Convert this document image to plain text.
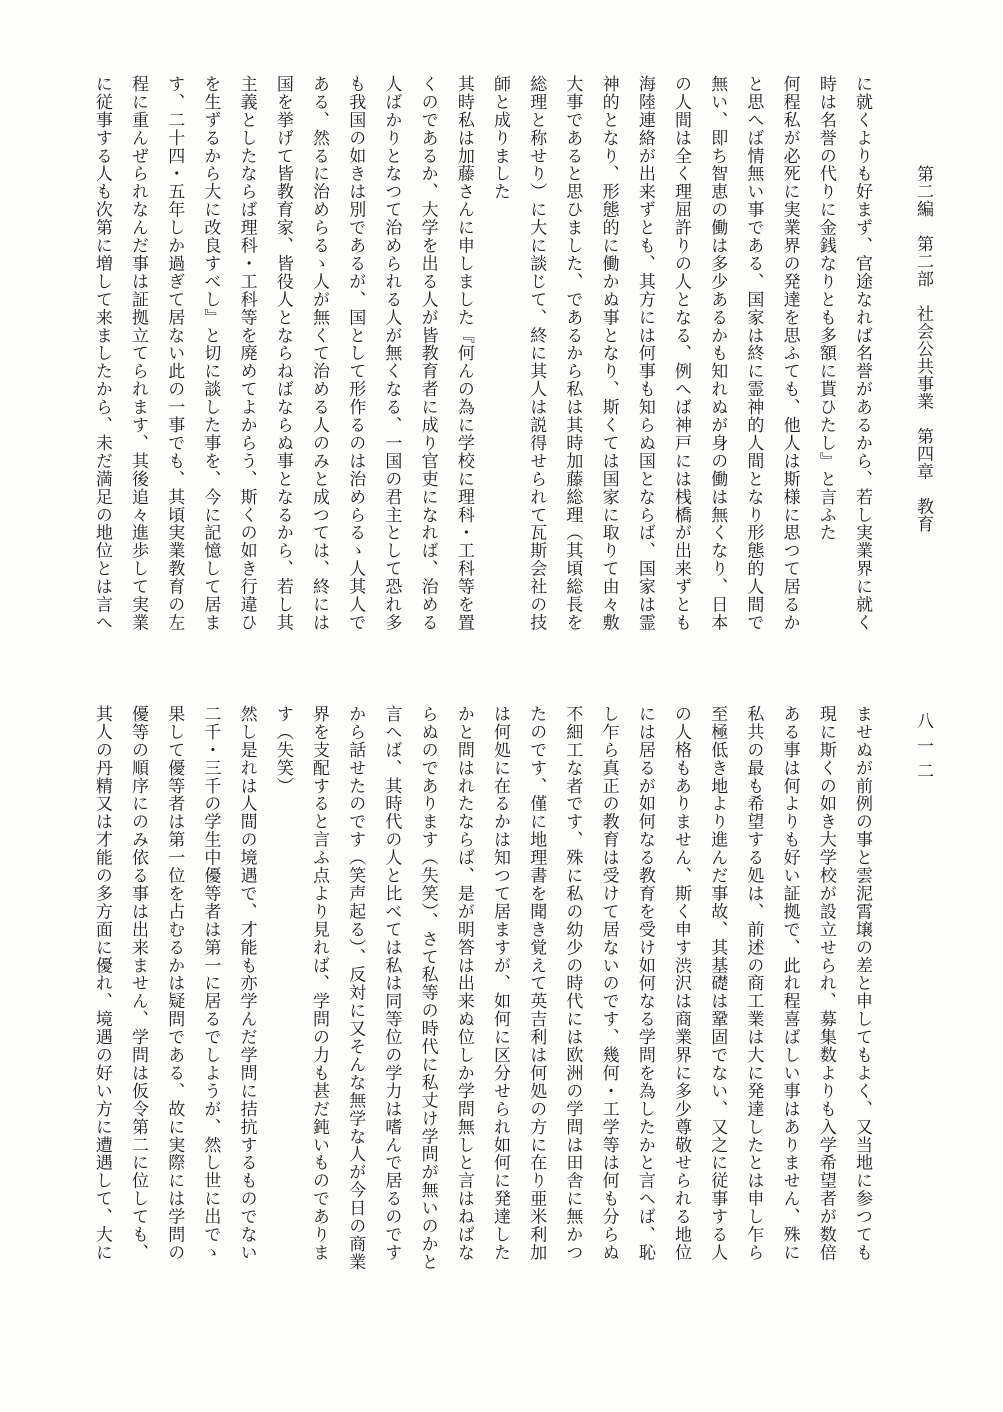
第二編　第二部　社会公共事業　第四章　教育
八一二
に就くよりも好まず、官途なれば名誉があるから、若し実業界に就く
時は名誉の代りに金銭なりとも多額に貰ひたし』と言ふた
何程私が必死に実業界の発達を思ふても、他人は斯様に思つて居るか
と思へば情無い事である、国家は終に霊神的人間となり形態的人間で
無い、即ち智恵の働は多少あるかも知れぬが身の働は無くなり、日本
の人間は全く理屈許りの人となる、例へば神戸には桟橋が出来ずとも
海陸連絡が出来ずとも、其方には何事も知らぬ国とならば、国家は霊
神的となり、形態的に働かぬ事となり、斯くては国家に取りて由々敷
大事であると思ひました、であるから私は其時加藤総理（其頃総長を
総理と称せり）に大に談じて、終に其人は説得せられて瓦斯会社の技
師と成りました
其時私は加藤さんに申しました『何んの為に学校に理科・工科等を置
くのであるか、大学を出る人が皆教育者に成り官吏になれば、治める
人ばかりとなつて治められる人が無くなる、一国の君主として恐れ多
も我国の如きは別であるが、国として形作るのは治めらるゝ人其人で
ある、然るに治めらるゝ人が無くて治める人のみと成つては、終には
国を挙げて皆教育家、皆役人とならねばならぬ事となるから、若し其
主義としたならば理科・工科等を廃めてよからう、斯くの如き行違ひ
を生ずるから大に改良すべし』と切に談した事を、今に記憶して居ま
す、二十四・五年しか過ぎて居ない此の一事でも、其頃実業教育の左
程に重んぜられなんだ事は証拠立てられます、其後追々進歩して実業
に従事する人も次第に増して来ましたから、未だ満足の地位とは言へ
ませぬが前例の事と雲泥霄壌の差と申してもよく、又当地に参つても
現に斯くの如き大学校が設立せられ、募集数よりも入学希望者が数倍
ある事は何よりも好い証拠で、此れ程喜ばしい事はありません、殊に
私共の最も希望する処は、前述の商工業は大に発達したとは申し乍ら
至極低き地より進んだ事故、其基礎は鞏固でない、又之に従事する人
の人格もありません、斯く申す渋沢は商業界に多少尊敬せられる地位
には居るが如何なる教育を受け如何なる学問を為したかと言へば、恥
し乍ら真正の教育は受けて居ないのです、幾何・工学等は何も分らぬ
不細工な者です、殊に私の幼少の時代には欧洲の学問は田舎に無かつ
たのです、僅に地理書を聞き覚えて英吉利は何処の方に在り亜米利加
は何処に在るかは知つて居ますが、如何に区分せられ如何に発達した
かと問はれたならば、是が明答は出来ぬ位しか学問無しと言はねばな
らぬのであります（失笑）、さて私等の時代に私丈け学問が無いのかと
言へば、其時代の人と比べては私は同等位の学力は嗜んで居るのです
から話せたのです（笑声起る）、反対に又そんな無学な人が今日の商業
界を支配すると言ふ点より見れば、学問の力も甚だ鈍いものでありま
す（失笑）
然し是れは人間の境遇で、才能も亦学んだ学問に拮抗するものでない
二千・三千の学生中優等者は第一に居るでしようが、然し世に出でゝ
果して優等者は第一位を占むるかは疑問である、故に実際には学問の
優等の順序にのみ依る事は出来ません、学問は仮令第二に位しても、
其人の丹精又は才能の多方面に優れ、境遇の好い方に遭遇して、大に
